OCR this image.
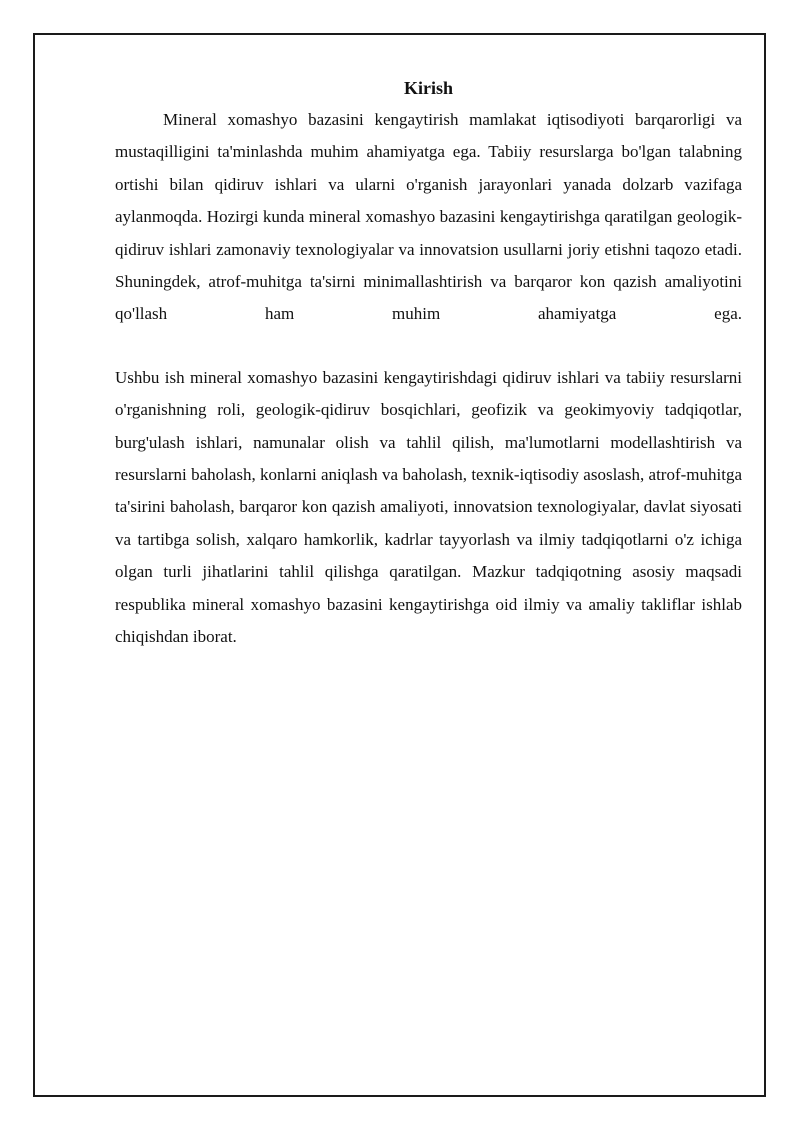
Kirish

Mineral xomashyo bazasini kengaytirish mamlakat iqtisodiyoti barqarorligi va mustaqilligini ta'minlashda muhim ahamiyatga ega. Tabiiy resurslarga bo'lgan talabning ortishi bilan qidiruv ishlari va ularni o'rganish jarayonlari yanada dolzarb vazifaga aylanmoqda. Hozirgi kunda mineral xomashyo bazasini kengaytirishga qaratilgan geologik-qidiruv ishlari zamonaviy texnologiyalar va innovatsion usullarni joriy etishni taqozo etadi. Shuningdek, atrof-muhitga ta'sirni minimallashtirish va barqaror kon qazish amaliyotini qo'llash ham muhim ahamiyatga ega.

Ushbu ish mineral xomashyo bazasini kengaytirishdagi qidiruv ishlari va tabiiy resurslarni o'rganishning roli, geologik-qidiruv bosqichlari, geofizik va geokimyoviy tadqiqotlar, burg'ulash ishlari, namunalar olish va tahlil qilish, ma'lumotlarni modellashtirish va resurslarni baholash, konlarni aniqlash va baholash, texnik-iqtisodiy asoslash, atrof-muhitga ta'sirini baholash, barqaror kon qazish amaliyoti, innovatsion texnologiyalar, davlat siyosati va tartibga solish, xalqaro hamkorlik, kadrlar tayyorlash va ilmiy tadqiqotlarni o'z ichiga olgan turli jihatlarini tahlil qilishga qaratilgan. Mazkur tadqiqotning asosiy maqsadi respublika mineral xomashyo bazasini kengaytirishga oid ilmiy va amaliy takliflar ishlab chiqishdan iborat.
